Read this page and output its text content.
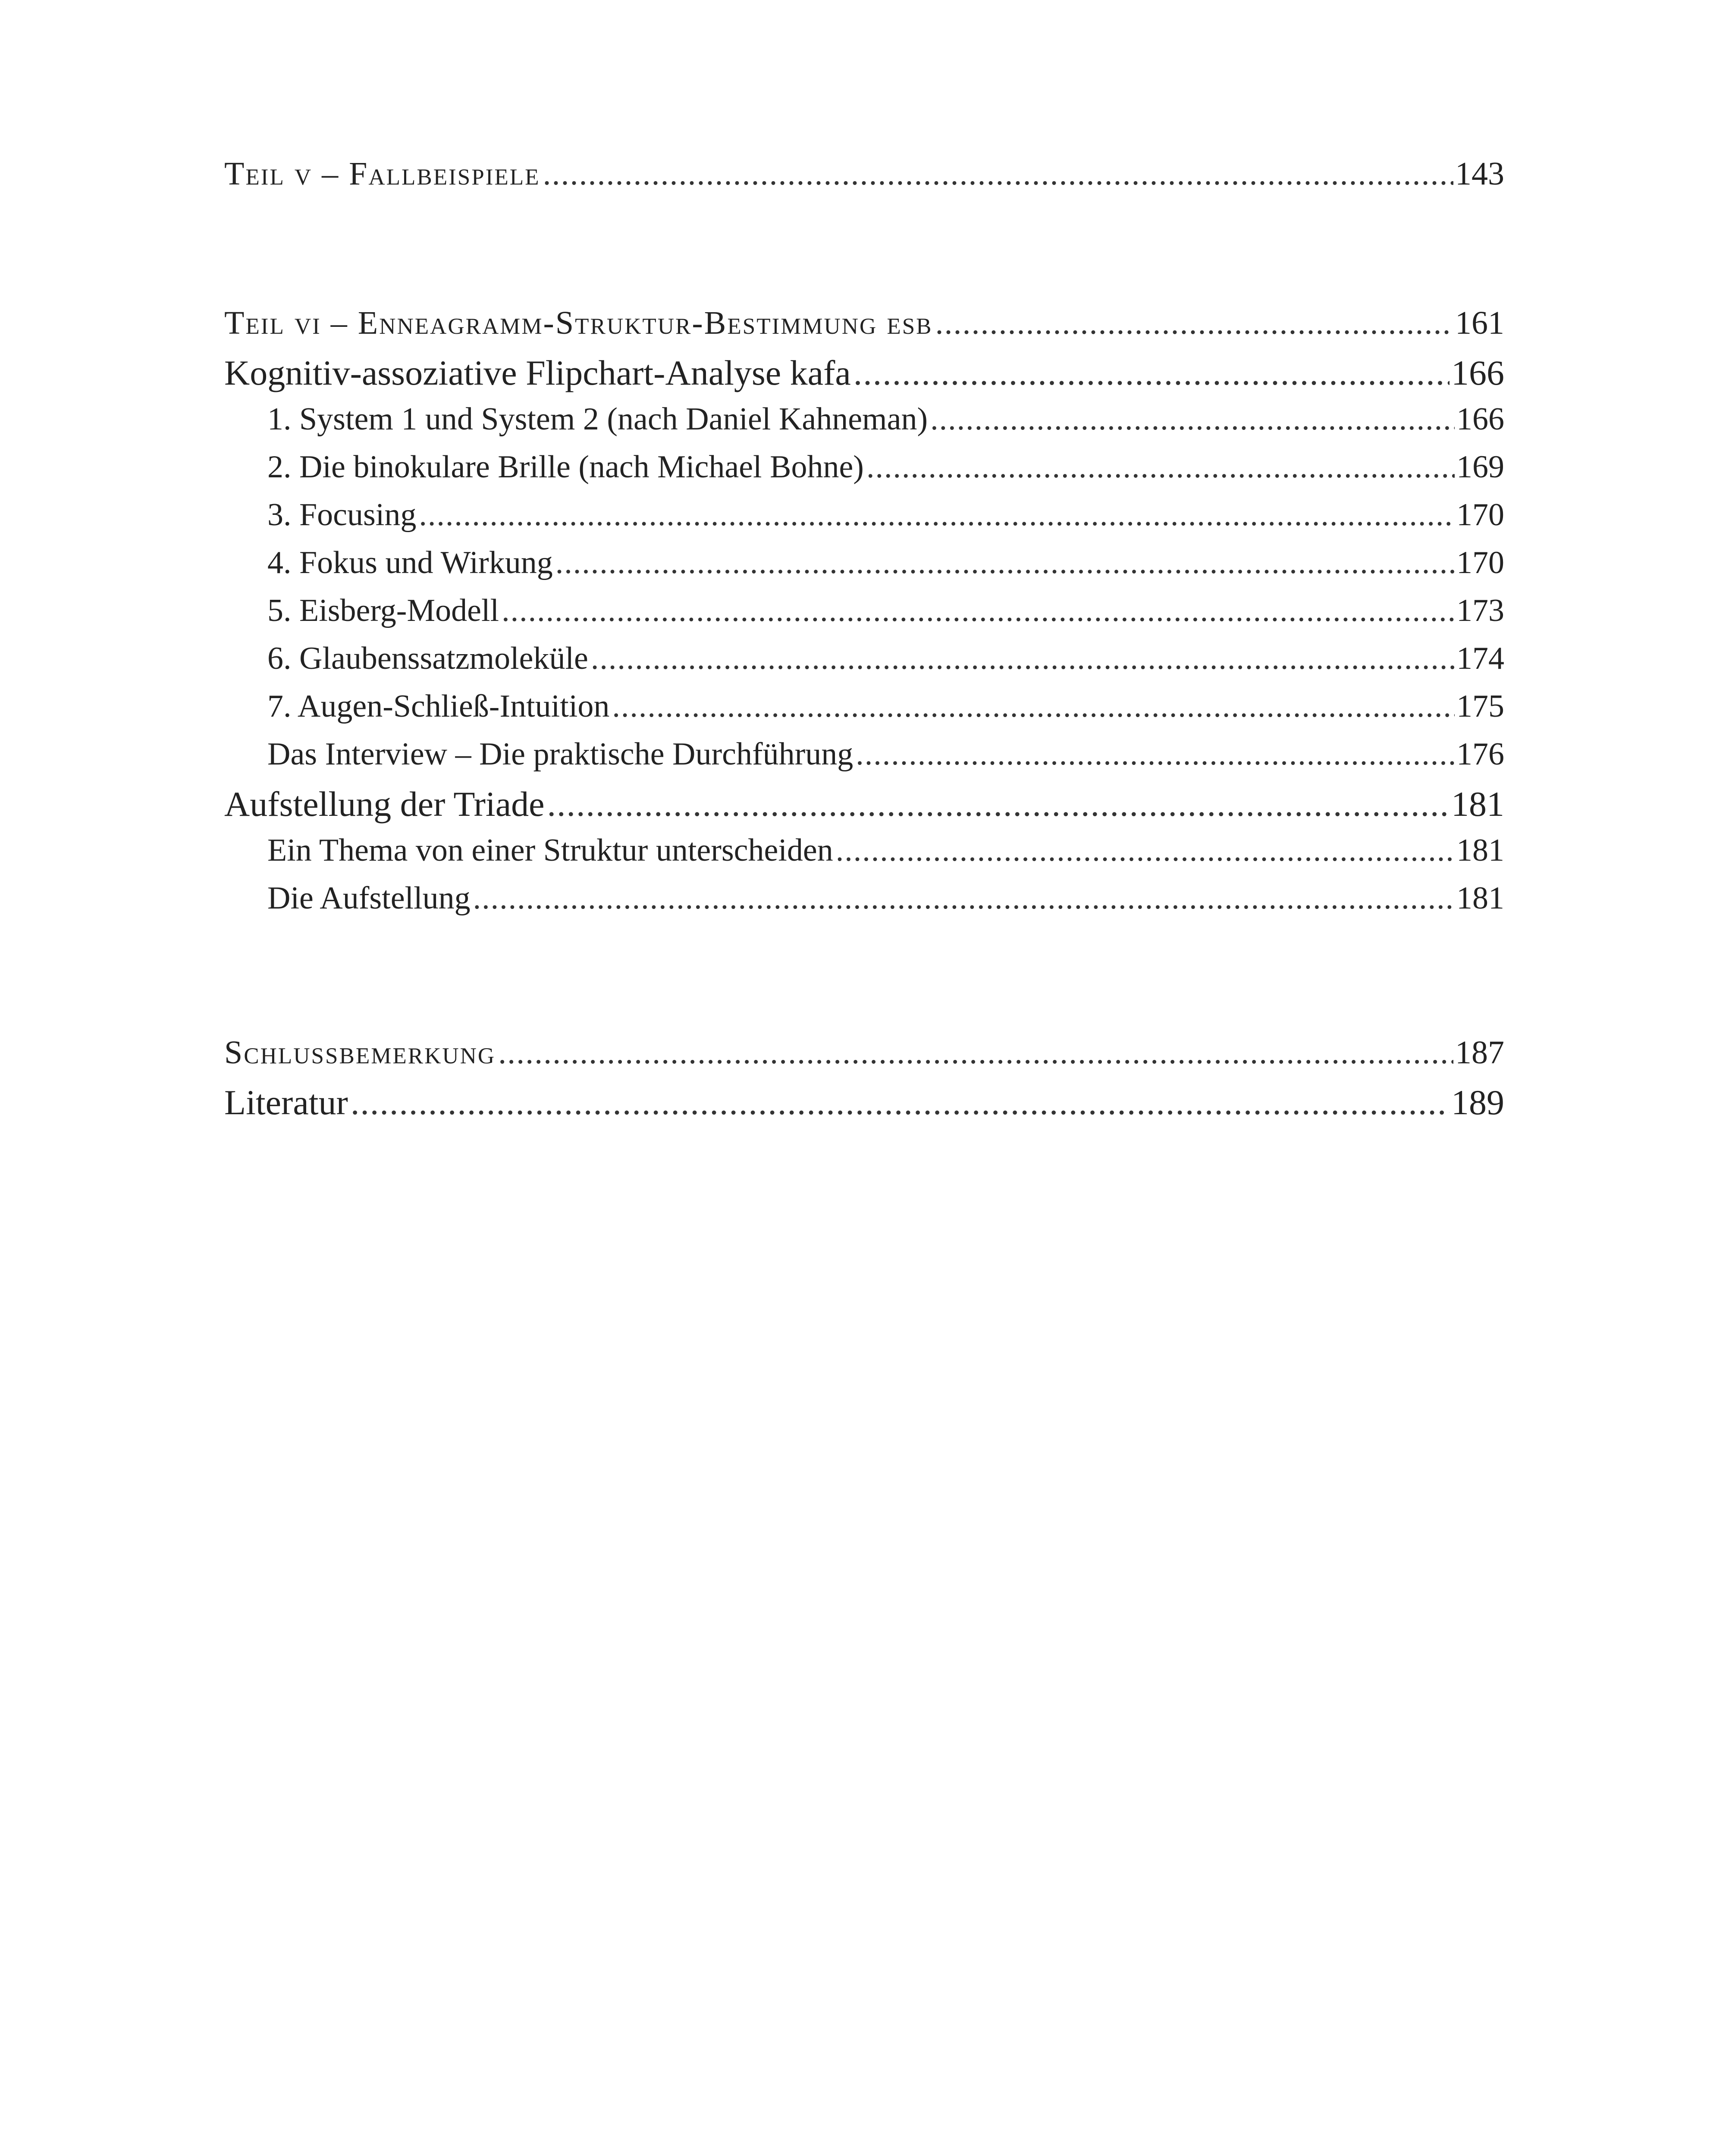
Teil v – Fallbeispiele .....	143
Teil vi – Enneagramm-Struktur-Bestimmung esb .....	161
Kognitiv-assoziative Flipchart-Analyse kafa .....	166
1. System 1 und System 2 (nach Daniel Kahneman) .....	166
2. Die binokulare Brille (nach Michael Bohne) .....	169
3. Focusing .....	170
4. Fokus und Wirkung .....	170
5. Eisberg-Modell .....	173
6. Glaubenssatzmoleküle .....	174
7. Augen-Schließ-Intuition .....	175
Das Interview – Die praktische Durchführung .....	176
Aufstellung der Triade .....	181
Ein Thema von einer Struktur unterscheiden .....	181
Die Aufstellung .....	181
Schlussbemerkung .....	187
Literatur .....	189
